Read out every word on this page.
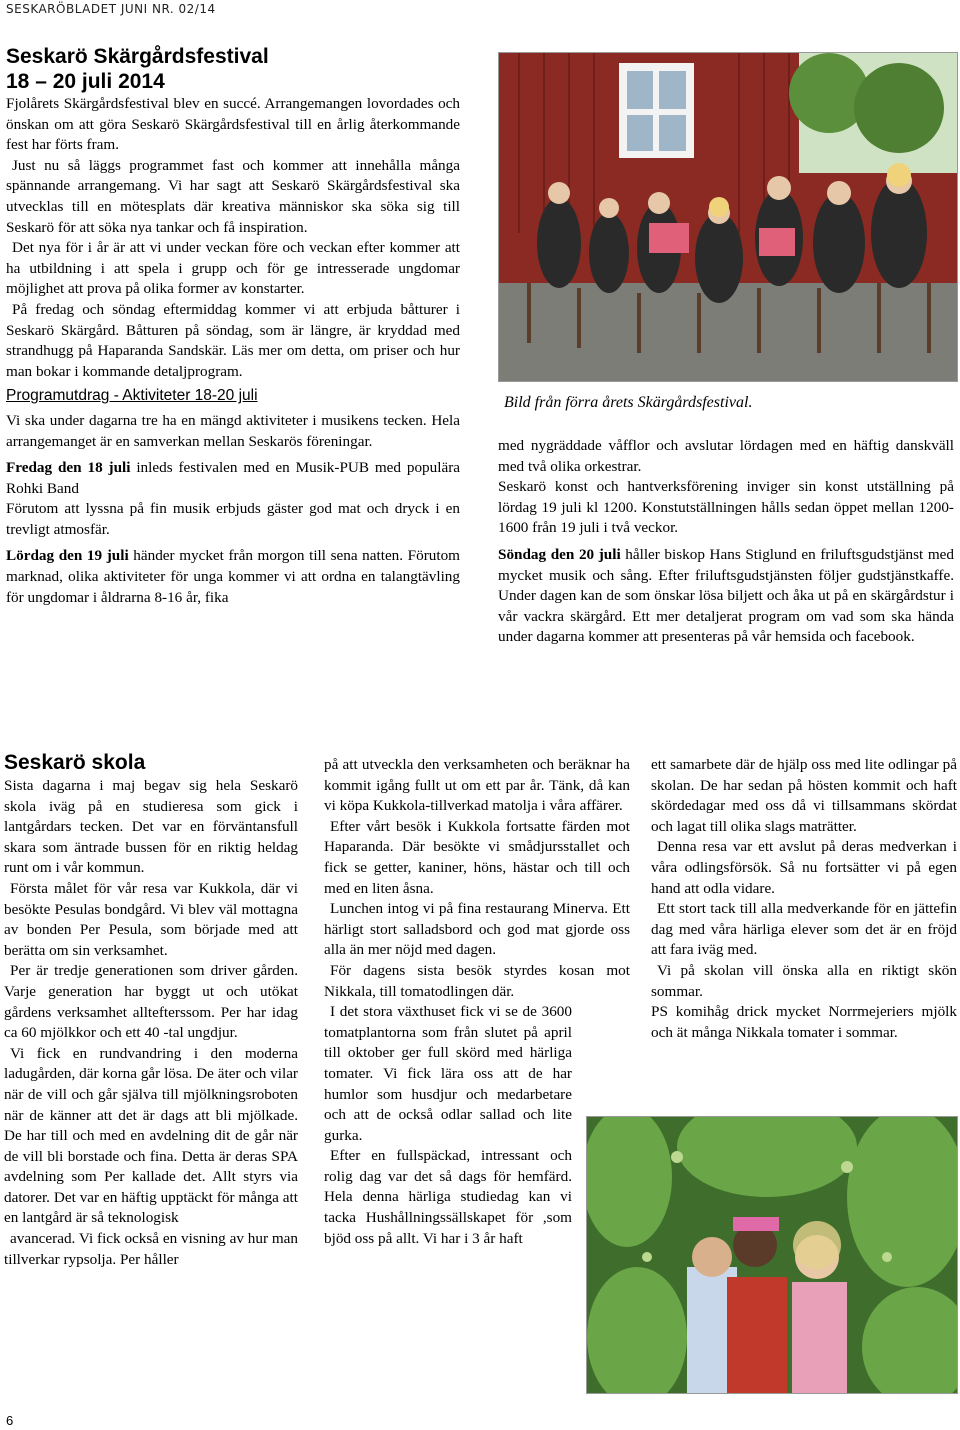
SESKARÖBLADET JUNI NR. 02/14
Seskarö Skärgårdsfestival
18 – 20 juli 2014

Fjolårets Skärgårdsfestival blev en succé. Arrangemangen lovordades och önskan om att göra Seskarö Skärgårdsfestival till en årlig återkommande fest har förts fram.

Just nu så läggs programmet fast och kommer att innehålla många spännande arrangemang. Vi har sagt att Seskarö Skärgårdsfestival ska utvecklas till en mötesplats där kreativa människor ska söka sig till Seskarö för att söka nya tankar och få inspiration.

Det nya för i år är att vi under veckan före och veckan efter kommer att ha utbildning i att spela i grupp och för ge intresserade ungdomar möjlighet att prova på olika former av konstarter.

På fredag och söndag eftermiddag kommer vi att erbjuda båtturer i Seskarö Skärgård. Båtturen på söndag, som är längre, är kryddad med strandhugg på Haparanda Sandskär. Läs mer om detta, om priser och hur man bokar i kommande detaljprogram.

Programutdrag - Aktiviteter 18-20 juli

Vi ska under dagarna tre ha en mängd aktiviteter i musikens tecken. Hela arrangemanget är en samverkan mellan Seskarös föreningar.

Fredag den 18 juli inleds festivalen med en Musik-PUB med populära Rohki Band

Förutom att lyssna på fin musik erbjuds gäster god mat och dryck i en trevligt atmosfär.

Lördag den 19 juli händer mycket från morgon till sena natten. Förutom marknad, olika aktiviteter för unga kommer vi att ordna en talangtävling för ungdomar i åldrarna 8-16 år, fika

Bild från förra årets Skärgårdsfestival.

med nygräddade våfflor och avslutar lördagen med en häftig danskväll med två olika orkestrar.

Seskarö konst och hantverksförening inviger sin konst utställning på lördag 19 juli kl 1200. Konstutställningen hålls sedan öppet mellan 1200-1600 från 19 juli i två veckor.

Söndag den 20 juli håller biskop Hans Stiglund en friluftsgudstjänst med mycket musik och sång. Efter friluftsgudstjänsten följer gudstjänstkaffe. Under dagen kan de som önskar lösa biljett och åka ut på en skärgårdstur i vår vackra skärgård. Ett mer detaljerat program om vad som ska hända under dagarna kommer att presenteras på vår hemsida och facebook.

Seskarö skola

Sista dagarna i maj begav sig hela Seskarö skola iväg på en studieresa som gick i lantgårdars tecken. Det var en förväntansfull skara som äntrade bussen för en riktig heldag runt om i vår kommun.

Första målet för vår resa var Kukkola, där vi besökte Pesulas bondgård. Vi blev väl mottagna av bonden Per Pesula, som började med att berätta om sin verksamhet.

Per är tredje generationen som driver gården. Varje generation har byggt ut och utökat gårdens verksamhet alltefterssom. Per har idag ca 60 mjölkkor och ett 40 -tal ungdjur.

Vi fick en rundvandring i den moderna ladugården, där korna går lösa. De äter och vilar när de vill och går själva till mjölkningsroboten när de känner att det är dags att bli mjölkade. De har till och med en avdelning dit de går när de vill bli borstade och fina. Detta är deras SPA avdelning som Per kallade det. Allt styrs via datorer. Det var en häftig upptäckt för många att en lantgård är så teknologisk

avancerad. Vi fick också en visning av hur man tillverkar rypsolja. Per håller

på att utveckla den verksamheten och beräknar ha kommit igång fullt ut om ett par år. Tänk, då kan vi köpa Kukkola-tillverkad matolja i våra affärer.

Efter vårt besök i Kukkola fortsatte färden mot Haparanda. Där besökte vi smådjursstallet och fick se getter, kaniner, höns, hästar och till och med en liten åsna.

Lunchen intog vi på fina restaurang Minerva. Ett härligt stort salladsbord och god mat gjorde oss alla än mer nöjd med dagen.

För dagens sista besök styrdes kosan mot Nikkala, till tomatodlingen där.

I det stora växthuset fick vi se de 3600 tomatplantorna som från slutet på april till oktober ger full skörd med härliga tomater. Vi fick lära oss att de har humlor som husdjur och medarbetare och att de också odlar sallad och lite gurka.

Efter en fullspäckad, intressant och rolig dag var det så dags för hemfärd. Hela denna härliga studiedag kan vi tacka Hushållningssällskapet för ,som bjöd oss på allt. Vi har i 3 år haft

ett samarbete där de hjälp oss med lite odlingar på skolan. De har sedan på hösten kommit och haft skördedagar med oss då vi tillsammans skördat och lagat till olika slags maträtter.

Denna resa var ett avslut på deras medverkan i våra odlingsförsök. Så nu fortsätter vi på egen hand att odla vidare.

Ett stort tack till alla medverkande för en jättefin dag med våra härliga elever som det är en fröjd att fara iväg med.

Vi på skolan vill önska alla en riktigt skön sommar.

PS komihåg drick mycket Norrmejeriers mjölk och ät många Nikkala tomater i sommar.

6
